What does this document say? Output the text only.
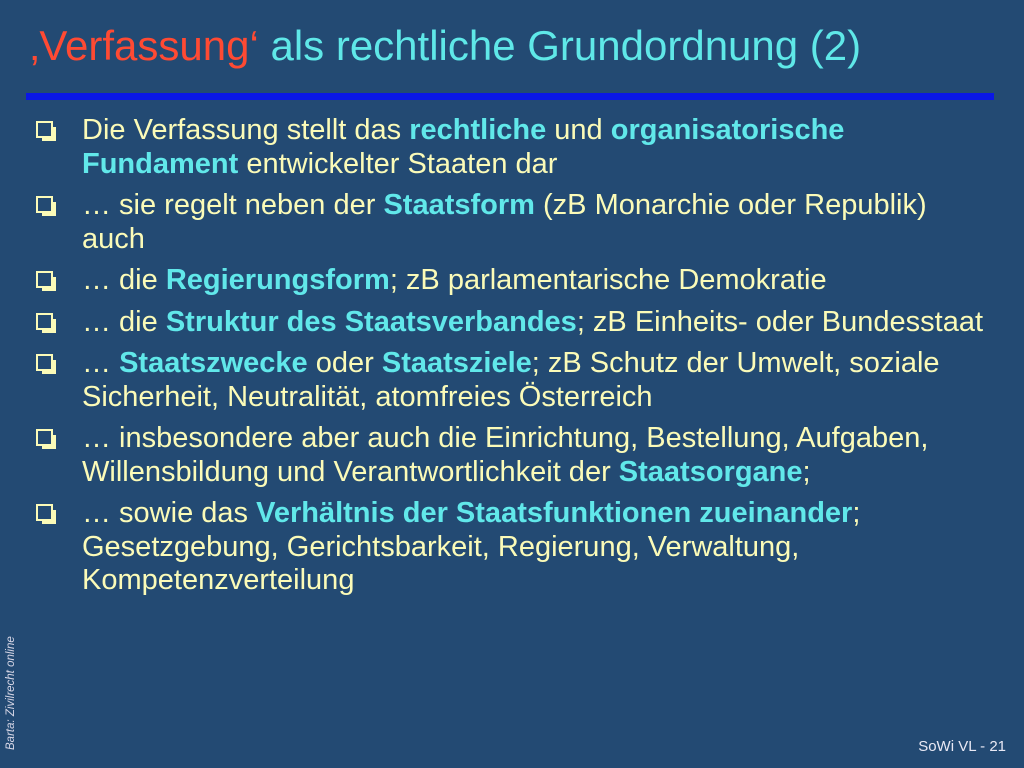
‚Verfassung‘ als rechtliche Grundordnung (2)
Die Verfassung stellt das rechtliche und organisatorische Fundament entwickelter Staaten dar
… sie regelt neben der Staatsform (zB Monarchie oder Republik) auch
… die Regierungsform; zB parlamentarische Demokratie
… die Struktur des Staatsverbandes; zB Einheits- oder Bundesstaat
… Staatszwecke oder Staatsziele; zB Schutz der Umwelt, soziale Sicherheit, Neutralität, atomfreies Österreich
… insbesondere aber auch die Einrichtung, Bestellung, Aufgaben, Willensbildung und Verantwortlichkeit der Staatsorgane;
… sowie das Verhältnis der Staatsfunktionen zueinander; Gesetzgebung, Gerichtsbarkeit, Regierung, Verwaltung, Kompetenzverteilung
Barta: Zivilrecht online	SoWi VL - 21
